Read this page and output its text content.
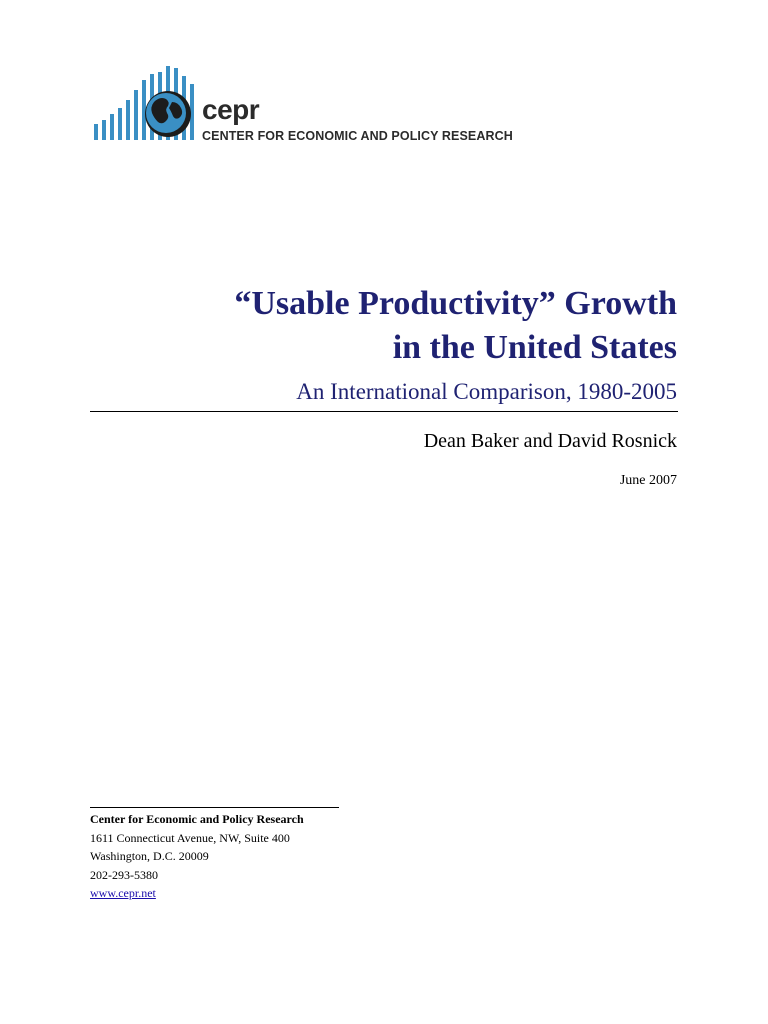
cepr
CENTER FOR ECONOMIC AND POLICY RESEARCH
“Usable Productivity” Growth
in the United States
An International Comparison, 1980-2005
Dean Baker and David Rosnick
June 2007
Center for Economic and Policy Research
1611 Connecticut Avenue, NW, Suite 400
Washington, D.C. 20009
202-293-5380
www.cepr.net
